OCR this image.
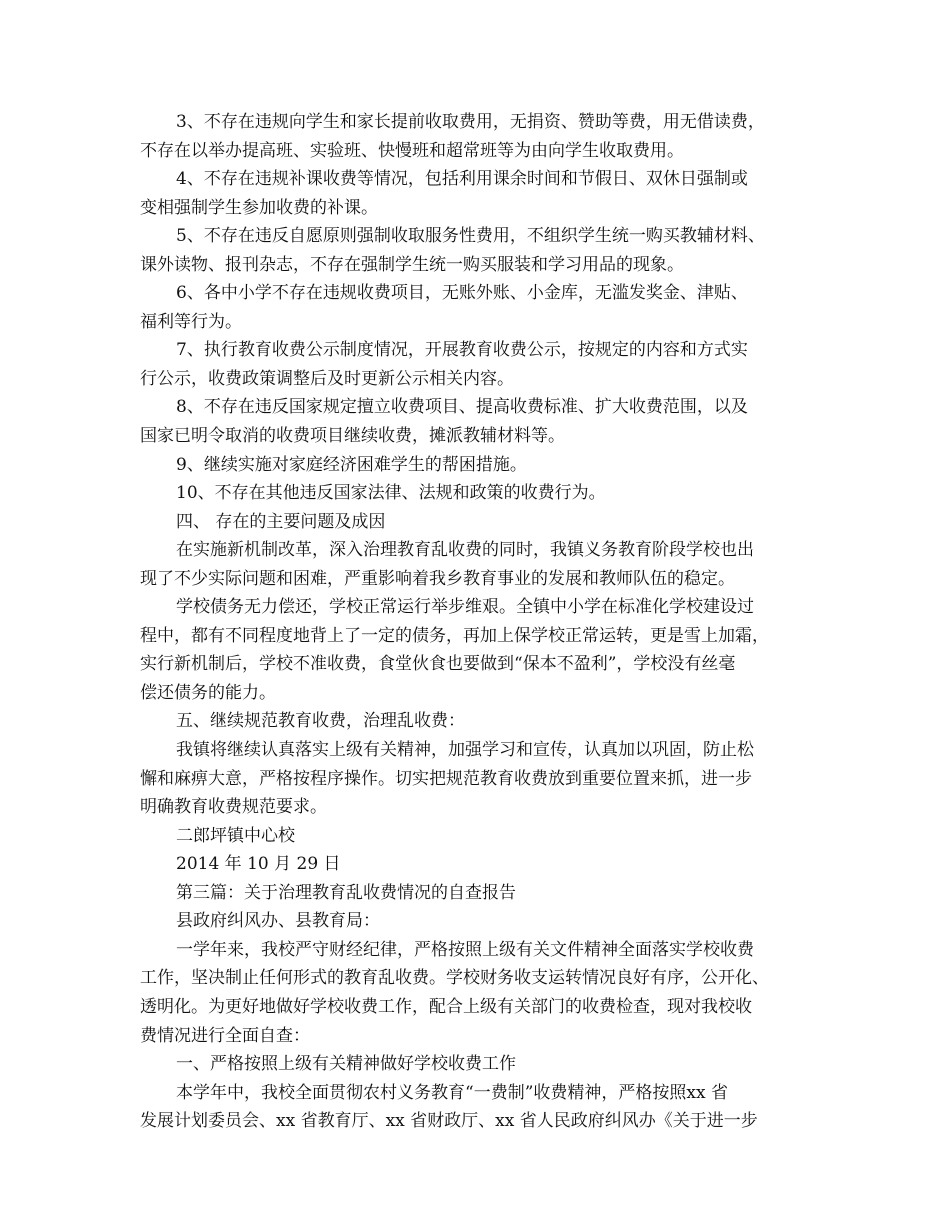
3、不存在违规向学生和家长提前收取费用，无捐资、赞助等费，用无借读费，
不存在以举办提高班、实验班、快慢班和超常班等为由向学生收取费用。
4、不存在违规补课收费等情况，包括利用课余时间和节假日、双休日强制或
变相强制学生参加收费的补课。
5、不存在违反自愿原则强制收取服务性费用，不组织学生统一购买教辅材料、
课外读物、报刊杂志，不存在强制学生统一购买服装和学习用品的现象。
6、各中小学不存在违规收费项目，无账外账、小金库，无滥发奖金、津贴、
福利等行为。
7、执行教育收费公示制度情况，开展教育收费公示，按规定的内容和方式实
行公示，收费政策调整后及时更新公示相关内容。
8、不存在违反国家规定擅立收费项目、提高收费标准、扩大收费范围，以及
国家已明令取消的收费项目继续收费，摊派教辅材料等。
9、继续实施对家庭经济困难学生的帮困措施。
10、不存在其他违反国家法律、法规和政策的收费行为。
四、 存在的主要问题及成因
在实施新机制改革，深入治理教育乱收费的同时，我镇义务教育阶段学校也出
现了不少实际问题和困难，严重影响着我乡教育事业的发展和教师队伍的稳定。
学校债务无力偿还，学校正常运行举步维艰。全镇中小学在标准化学校建设过
程中，都有不同程度地背上了一定的债务，再加上保学校正常运转，更是雪上加霜，
实行新机制后，学校不准收费，食堂伙食也要做到“保本不盈利”，学校没有丝毫
偿还债务的能力。
五、继续规范教育收费，治理乱收费：
我镇将继续认真落实上级有关精神，加强学习和宣传，认真加以巩固，防止松
懈和麻痹大意，严格按程序操作。切实把规范教育收费放到重要位置来抓，进一步
明确教育收费规范要求。
二郎坪镇中心校
2014 年 10 月 29 日
第三篇：关于治理教育乱收费情况的自查报告
县政府纠风办、县教育局：
一学年来，我校严守财经纪律，严格按照上级有关文件精神全面落实学校收费
工作，坚决制止任何形式的教育乱收费。学校财务收支运转情况良好有序，公开化、
透明化。为更好地做好学校收费工作，配合上级有关部门的收费检查，现对我校收
费情况进行全面自查：
一、严格按照上级有关精神做好学校收费工作
本学年中，我校全面贯彻农村义务教育“一费制”收费精神，严格按照xx 省
发展计划委员会、xx 省教育厅、xx 省财政厅、xx 省人民政府纠风办《关于进一步
